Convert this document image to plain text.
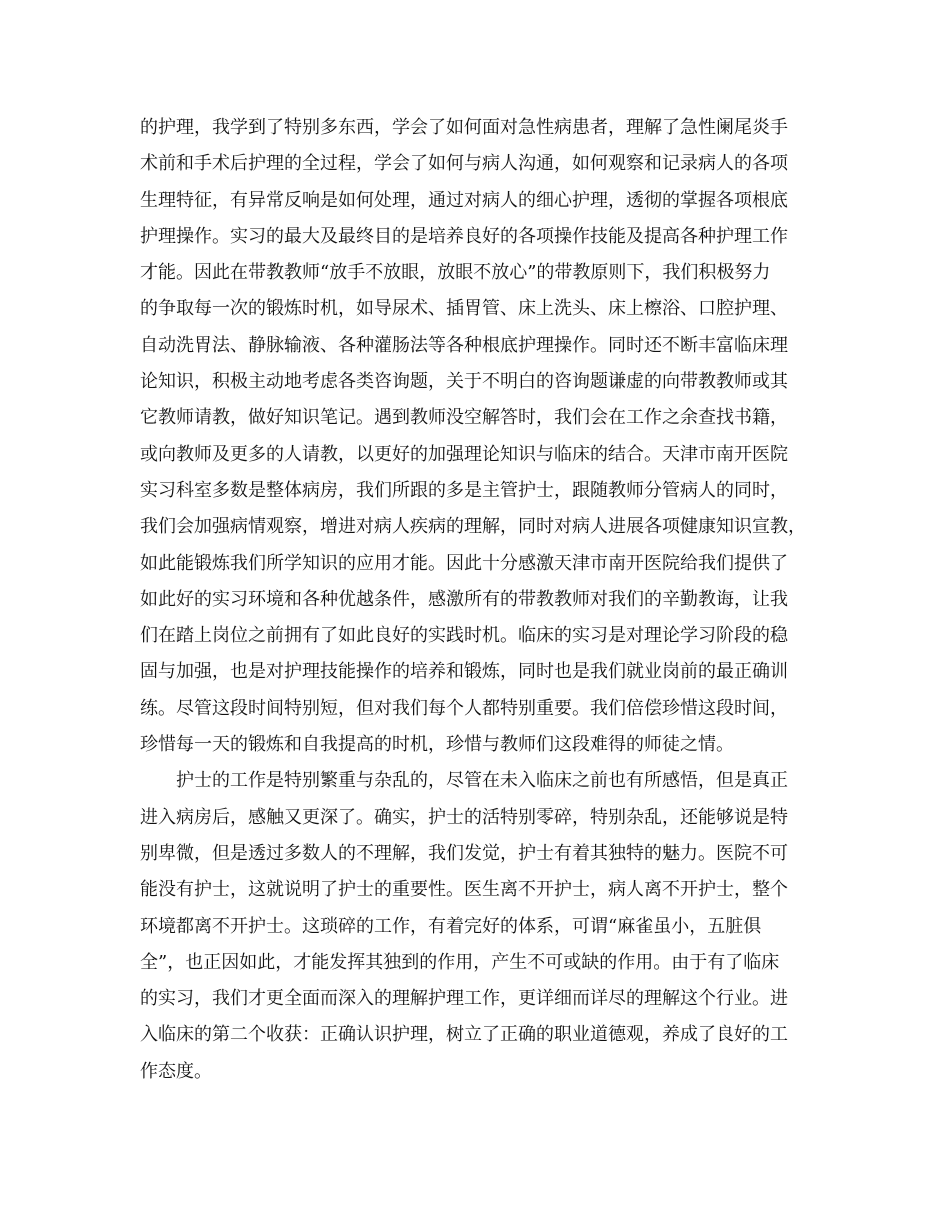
的护理，我学到了特别多东西，学会了如何面对急性病患者，理解了急性阑尾炎手
术前和手术后护理的全过程，学会了如何与病人沟通，如何观察和记录病人的各项
生理特征，有异常反响是如何处理，通过对病人的细心护理，透彻的掌握各项根底
护理操作。实习的最大及最终目的是培养良好的各项操作技能及提高各种护理工作
才能。因此在带教教师“放手不放眼，放眼不放心”的带教原则下，我们积极努力
的争取每一次的锻炼时机，如导尿术、插胃管、床上洗头、床上檫浴、口腔护理、
自动洗胃法、静脉输液、各种灌肠法等各种根底护理操作。同时还不断丰富临床理
论知识，积极主动地考虑各类咨询题，关于不明白的咨询题谦虚的向带教教师或其
它教师请教，做好知识笔记。遇到教师没空解答时，我们会在工作之余查找书籍，
或向教师及更多的人请教，以更好的加强理论知识与临床的结合。天津市南开医院
实习科室多数是整体病房，我们所跟的多是主管护士，跟随教师分管病人的同时，
我们会加强病情观察，增进对病人疾病的理解，同时对病人进展各项健康知识宣教，
如此能锻炼我们所学知识的应用才能。因此十分感激天津市南开医院给我们提供了
如此好的实习环境和各种优越条件，感激所有的带教教师对我们的辛勤教诲，让我
们在踏上岗位之前拥有了如此良好的实践时机。临床的实习是对理论学习阶段的稳
固与加强，也是对护理技能操作的培养和锻炼，同时也是我们就业岗前的最正确训
练。尽管这段时间特别短，但对我们每个人都特别重要。我们倍偿珍惜这段时间，
珍惜每一天的锻炼和自我提高的时机，珍惜与教师们这段难得的师徒之情。
护士的工作是特别繁重与杂乱的，尽管在未入临床之前也有所感悟，但是真正
进入病房后，感触又更深了。确实，护士的活特别零碎，特别杂乱，还能够说是特
别卑微，但是透过多数人的不理解，我们发觉，护士有着其独特的魅力。医院不可
能没有护士，这就说明了护士的重要性。医生离不开护士，病人离不开护士，整个
环境都离不开护士。这琐碎的工作，有着完好的体系，可谓“麻雀虽小，五脏俱
全”，也正因如此，才能发挥其独到的作用，产生不可或缺的作用。由于有了临床
的实习，我们才更全面而深入的理解护理工作，更详细而详尽的理解这个行业。进
入临床的第二个收获：正确认识护理，树立了正确的职业道德观，养成了良好的工
作态度。
